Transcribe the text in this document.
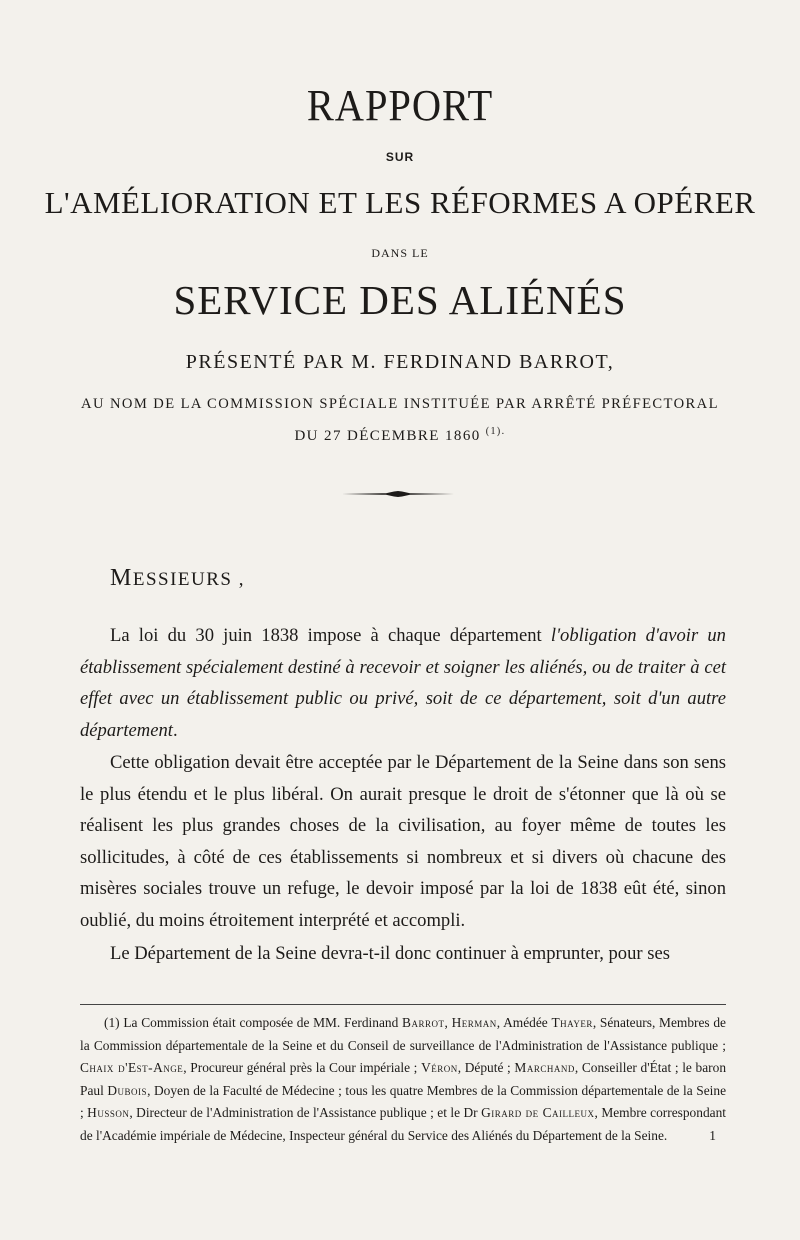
RAPPORT
SUR
L'AMÉLIORATION ET LES RÉFORMES A OPÉRER
DANS LE
SERVICE DES ALIÉNÉS
PRÉSENTÉ PAR M. FERDINAND BARROT,
AU NOM DE LA COMMISSION SPÉCIALE INSTITUÉE PAR ARRÊTÉ PRÉFECTORAL
DU 27 DÉCEMBRE 1860 $^{(1).}$
MESSIEURS ,
La loi du 30 juin 1838 impose à chaque département l'obligation d'avoir un établissement spécialement destiné à recevoir et soigner les aliénés, ou de traiter à cet effet avec un établissement public ou privé, soit de ce département, soit d'un autre département.
Cette obligation devait être acceptée par le Département de la Seine dans son sens le plus étendu et le plus libéral. On aurait presque le droit de s'étonner que là où se réalisent les plus grandes choses de la civilisation, au foyer même de toutes les sollicitudes, à côté de ces établissements si nombreux et si divers où chacune des misères sociales trouve un refuge, le devoir imposé par la loi de 1838 eût été, sinon oublié, du moins étroitement interprété et accompli.
Le Département de la Seine devra-t-il donc continuer à emprunter, pour ses
(1) La Commission était composée de MM. Ferdinand Barrot, Herman, Amédée Thayer, Sénateurs, Membres de la Commission départementale de la Seine et du Conseil de surveillance de l'Administration de l'Assistance publique ; Chaix d'Est-Ange, Procureur général près la Cour impériale ; Véron, Député ; Marchand, Conseiller d'État ; le baron Paul Dubois, Doyen de la Faculté de Médecine ; tous les quatre Membres de la Commission départementale de la Seine ; Husson, Directeur de l'Administration de l'Assistance publique ; et le Dr Girard de Cailleux, Membre correspondant de l'Académie impériale de Médecine, Inspecteur général du Service des Aliénés du Département de la Seine.	1
